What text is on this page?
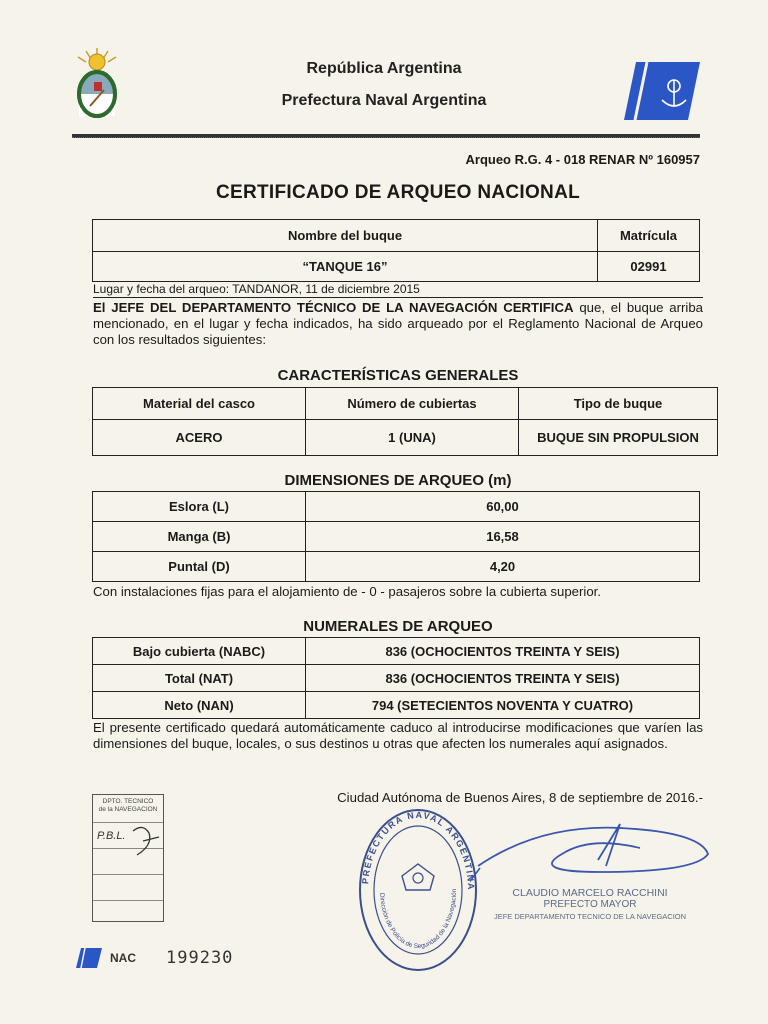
República Argentina
Prefectura Naval Argentina
Arqueo R.G. 4 - 018 RENAR Nº 160957
CERTIFICADO DE ARQUEO NACIONAL
Nombre del buque	Matrícula
“TANQUE 16”	02991
Lugar y fecha del arqueo: TANDANOR, 11 de diciembre 2015
El JEFE DEL DEPARTAMENTO TÉCNICO DE LA NAVEGACIÓN CERTIFICA que, el buque arriba mencionado, en el lugar y fecha indicados, ha sido arqueado por el Reglamento Nacional de Arqueo con los resultados siguientes:
CARACTERÍSTICAS GENERALES
Material del casco	Número de cubiertas	Tipo de buque
ACERO	1 (UNA)	BUQUE SIN PROPULSION
DIMENSIONES DE ARQUEO (m)
Eslora (L)	60,00
Manga (B)	16,58
Puntal (D)	4,20
Con instalaciones fijas para el alojamiento de - 0 - pasajeros sobre la cubierta superior.
NUMERALES DE ARQUEO
Bajo cubierta (NABC)	836 (OCHOCIENTOS TREINTA Y SEIS)
Total (NAT)	836 (OCHOCIENTOS TREINTA Y SEIS)
Neto (NAN)	794 (SETECIENTOS NOVENTA Y CUATRO)
El presente certificado quedará automáticamente caduco al introducirse modificaciones que varíen las dimensiones del buque, locales, o sus destinos u otras que afecten los numerales aquí asignados.
Ciudad Autónoma de Buenos Aires, 8 de septiembre de 2016.-
DPTO. TECNICO
de la NAVEGACION
P.B.L.
PREFECTURA NAVAL ARGENTINA
Dirección de Policía de Seguridad de la Navegación	CLAUDIO MARCELO RACCHINI
PREFECTO MAYOR
JEFE DEPARTAMENTO TECNICO DE LA NAVEGACION
NAC 199230
